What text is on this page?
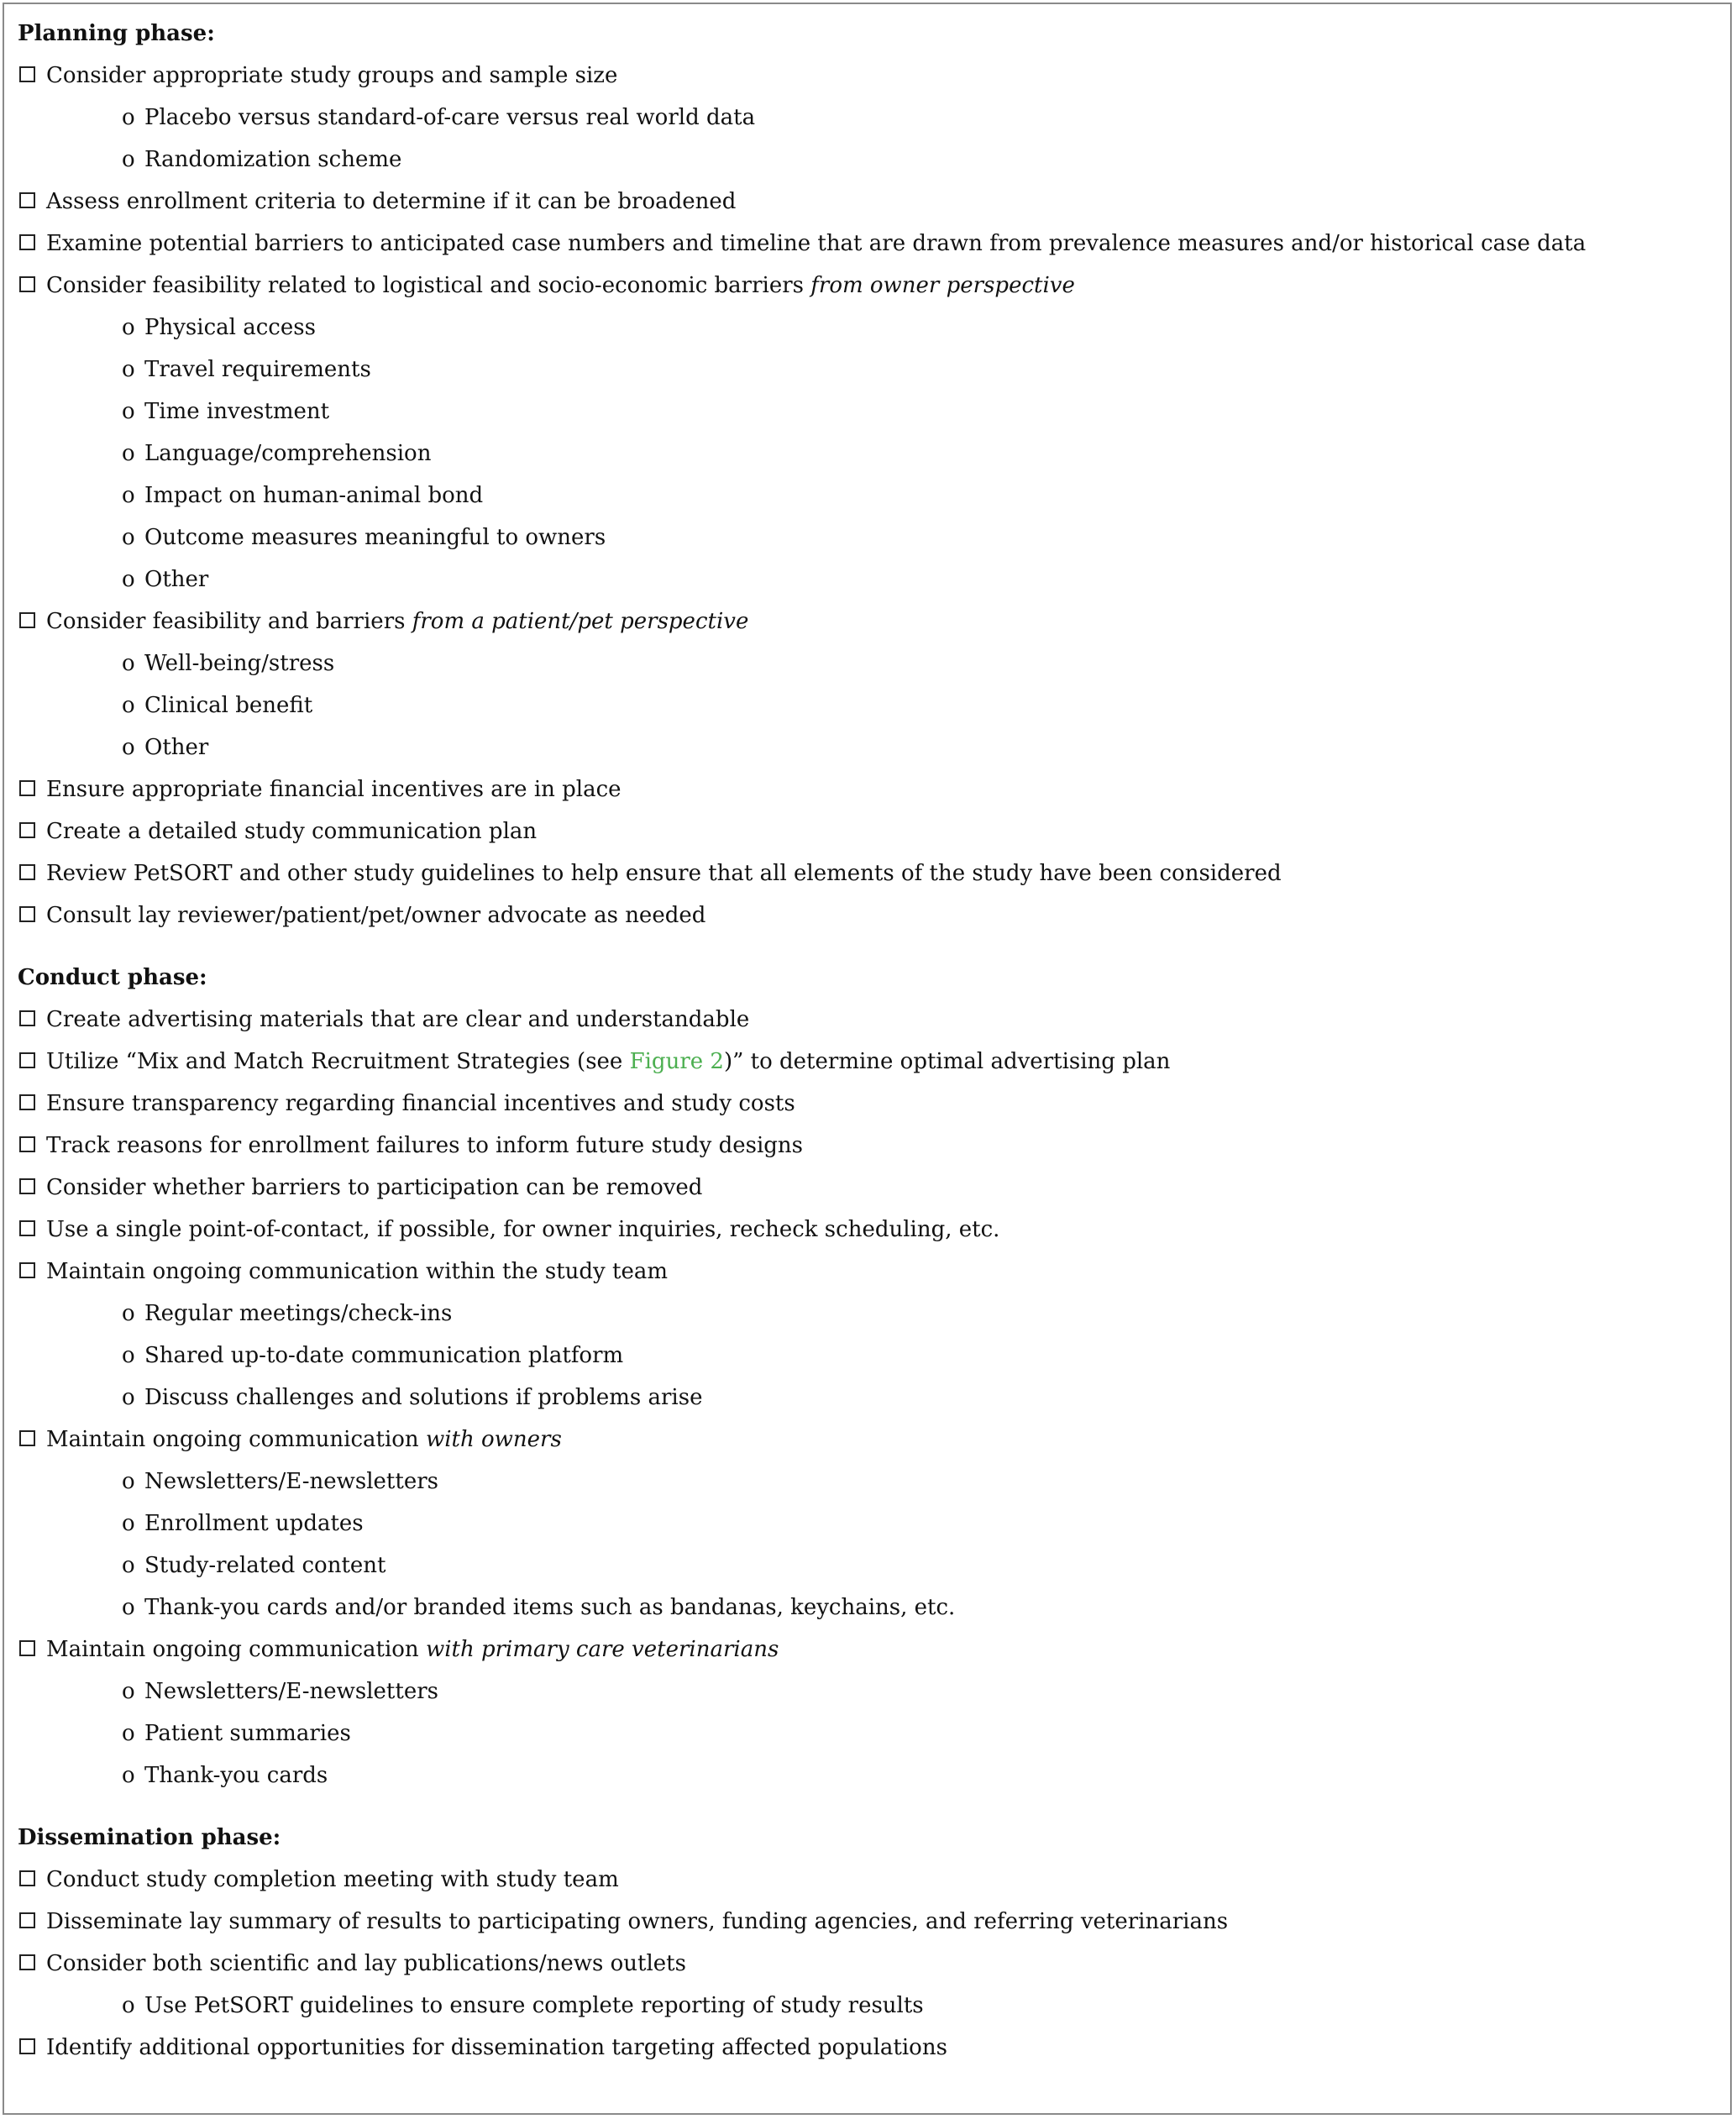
Planning phase:
Consider appropriate study groups and sample size
o Placebo versus standard-of-care versus real world data
o Randomization scheme
Assess enrollment criteria to determine if it can be broadened
Examine potential barriers to anticipated case numbers and timeline that are drawn from prevalence measures and/or historical case data
Consider feasibility related to logistical and socio-economic barriers from owner perspective
o Physical access
o Travel requirements
o Time investment
o Language/comprehension
o Impact on human-animal bond
o Outcome measures meaningful to owners
o Other
Consider feasibility and barriers from a patient/pet perspective
o Well-being/stress
o Clinical benefit
o Other
Ensure appropriate financial incentives are in place
Create a detailed study communication plan
Review PetSORT and other study guidelines to help ensure that all elements of the study have been considered
Consult lay reviewer/patient/pet/owner advocate as needed
Conduct phase:
Create advertising materials that are clear and understandable
Utilize “Mix and Match Recruitment Strategies (see Figure 2)” to determine optimal advertising plan
Ensure transparency regarding financial incentives and study costs
Track reasons for enrollment failures to inform future study designs
Consider whether barriers to participation can be removed
Use a single point-of-contact, if possible, for owner inquiries, recheck scheduling, etc.
Maintain ongoing communication within the study team
o Regular meetings/check-ins
o Shared up-to-date communication platform
o Discuss challenges and solutions if problems arise
Maintain ongoing communication with owners
o Newsletters/E-newsletters
o Enrollment updates
o Study-related content
o Thank-you cards and/or branded items such as bandanas, keychains, etc.
Maintain ongoing communication with primary care veterinarians
o Newsletters/E-newsletters
o Patient summaries
o Thank-you cards
Dissemination phase:
Conduct study completion meeting with study team
Disseminate lay summary of results to participating owners, funding agencies, and referring veterinarians
Consider both scientific and lay publications/news outlets
o Use PetSORT guidelines to ensure complete reporting of study results
Identify additional opportunities for dissemination targeting affected populations
